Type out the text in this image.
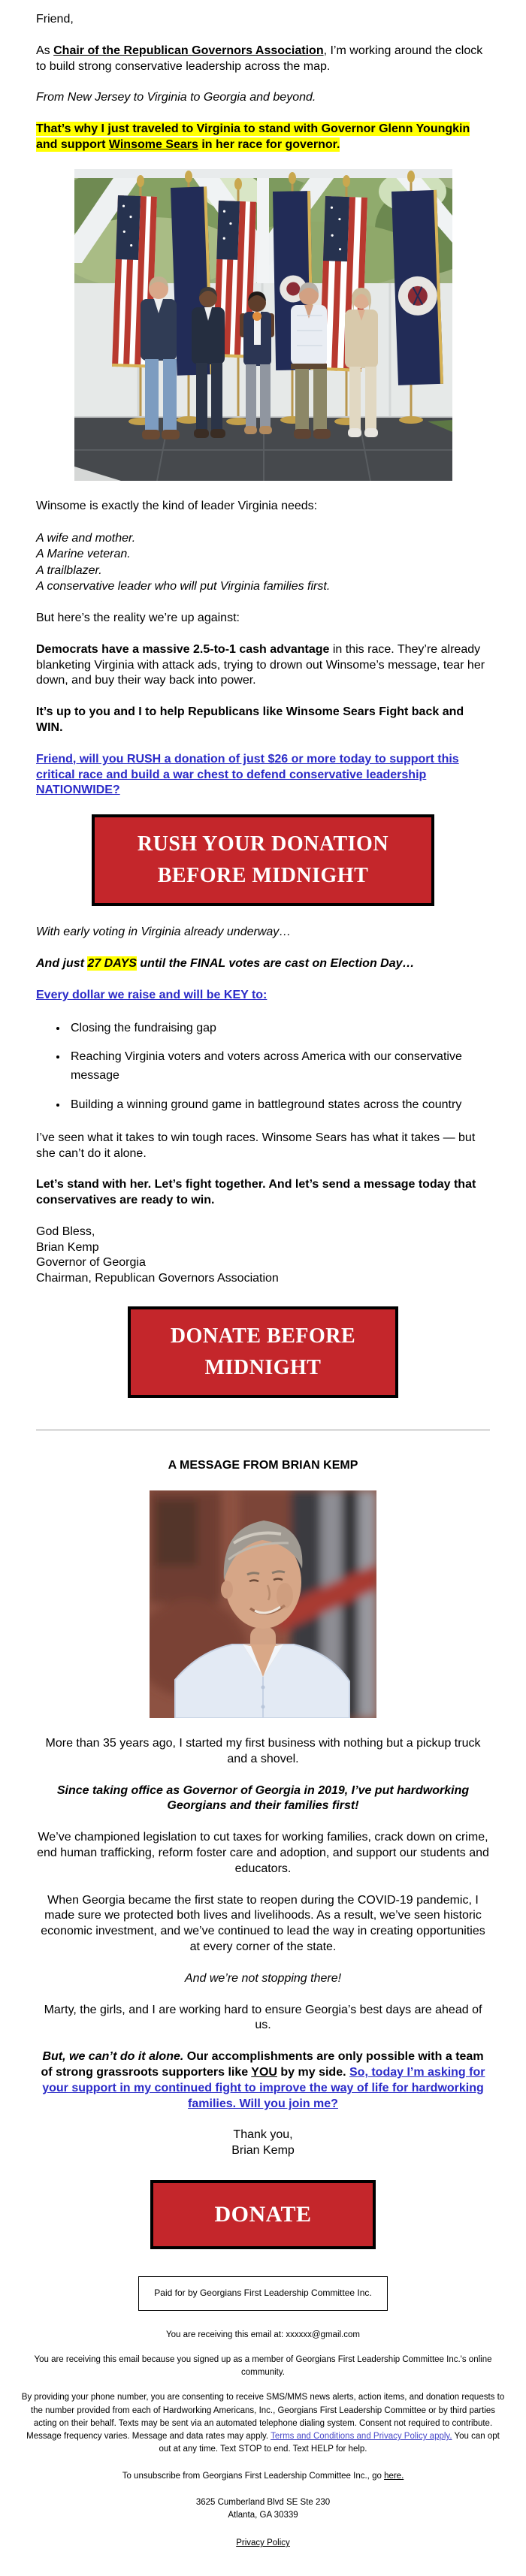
Friend,

As Chair of the Republican Governors Association, I’m working around the clock to build strong conservative leadership across the map.

From New Jersey to Virginia to Georgia and beyond.

That’s why I just traveled to Virginia to stand with Governor Glenn Youngkin and support Winsome Sears in her race for governor.

Winsome is exactly the kind of leader Virginia needs:

A wife and mother.
A Marine veteran.
A trailblazer.
A conservative leader who will put Virginia families first.

But here’s the reality we’re up against:

Democrats have a massive 2.5-to-1 cash advantage in this race. They’re already blanketing Virginia with attack ads, trying to drown out Winsome’s message, tear her down, and buy their way back into power.

It’s up to you and I to help Republicans like Winsome Sears Fight back and WIN.

Friend, will you RUSH a donation of just $26 or more today to support this critical race and build a war chest to defend conservative leadership NATIONWIDE?

RUSH YOUR DONATION
BEFORE MIDNIGHT

With early voting in Virginia already underway…

And just 27 DAYS until the FINAL votes are cast on Election Day…

Every dollar we raise and will be KEY to:

• Closing the fundraising gap
• Reaching Virginia voters and voters across America with our conservative message
• Building a winning ground game in battleground states across the country

I’ve seen what it takes to win tough races. Winsome Sears has what it takes — but she can’t do it alone.

Let’s stand with her. Let’s fight together. And let’s send a message today that conservatives are ready to win.

God Bless,
Brian Kemp
Governor of Georgia
Chairman, Republican Governors Association
DONATE BEFORE
MIDNIGHT
A MESSAGE FROM BRIAN KEMP

More than 35 years ago, I started my first business with nothing but a pickup truck and a shovel.

Since taking office as Governor of Georgia in 2019, I’ve put hardworking Georgians and their families first!

We’ve championed legislation to cut taxes for working families, crack down on crime, end human trafficking, reform foster care and adoption, and support our students and educators.

When Georgia became the first state to reopen during the COVID-19 pandemic, I made sure we protected both lives and livelihoods. As a result, we’ve seen historic economic investment, and we’ve continued to lead the way in creating opportunities at every corner of the state.

And we’re not stopping there!

Marty, the girls, and I are working hard to ensure Georgia’s best days are ahead of us.

But, we can’t do it alone. Our accomplishments are only possible with a team of strong grassroots supporters like YOU by my side. So, today I’m asking for your support in my continued fight to improve the way of life for hardworking families. Will you join me?

Thank you,
Brian Kemp
DONATE
Paid for by Georgians First Leadership Committee Inc.
You are receiving this email at: xxxxxx@gmail.com
You are receiving this email because you signed up as a member of Georgians First Leadership Committee Inc.'s online community.
By providing your phone number, you are consenting to receive SMS/MMS news alerts, action items, and donation requests to the number provided from each of Hardworking Americans, Inc., Georgians First Leadership Committee or by third parties acting on their behalf. Texts may be sent via an automated telephone dialing system. Consent not required to contribute. Message frequency varies. Message and data rates may apply. Terms and Conditions and Privacy Policy apply. You can opt out at any time. Text STOP to end. Text HELP for help.
To unsubscribe from Georgians First Leadership Committee Inc., go here.
3625 Cumberland Blvd SE Ste 230
Atlanta, GA 30339
Privacy Policy
